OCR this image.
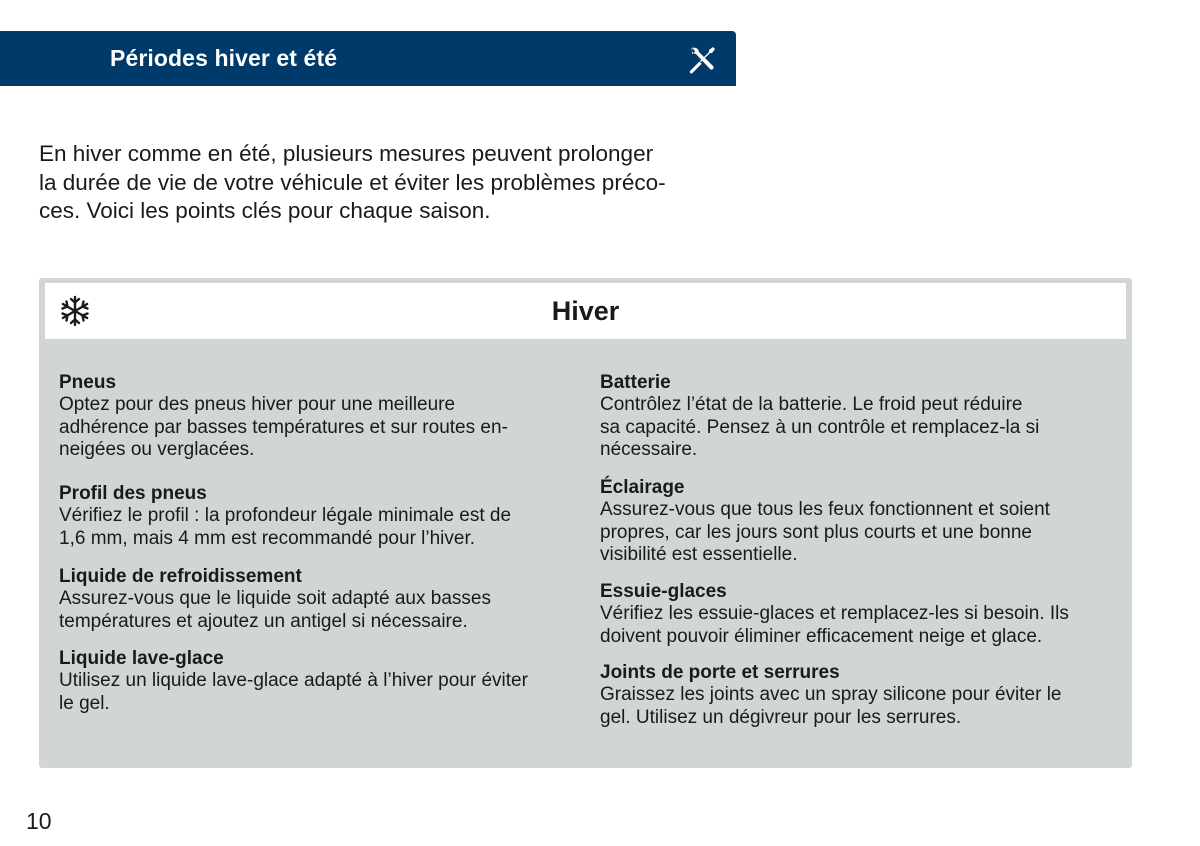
Périodes hiver et été
En hiver comme en été, plusieurs mesures peuvent prolonger
la durée de vie de votre véhicule et éviter les problèmes préco-
ces. Voici les points clés pour chaque saison.
Hiver
Pneus
Optez pour des pneus hiver pour une meilleure
adhérence par basses températures et sur routes en-
neigées ou verglacées.
Profil des pneus
Vérifiez le profil : la profondeur légale minimale est de
1,6 mm, mais 4 mm est recommandé pour l’hiver.
Liquide de refroidissement
Assurez-vous que le liquide soit adapté aux basses
températures et ajoutez un antigel si nécessaire.
Liquide lave-glace
Utilisez un liquide lave-glace adapté à l’hiver pour éviter
le gel.
Batterie
Contrôlez l’état de la batterie. Le froid peut réduire
sa capacité. Pensez à un contrôle et remplacez-la si
nécessaire.
Éclairage
Assurez-vous que tous les feux fonctionnent et soient
propres, car les jours sont plus courts et une bonne
visibilité est essentielle.
Essuie-glaces
Vérifiez les essuie-glaces et remplacez-les si besoin. Ils
doivent pouvoir éliminer efficacement neige et glace.
Joints de porte et serrures
Graissez les joints avec un spray silicone pour éviter le
gel. Utilisez un dégivreur pour les serrures.
10
